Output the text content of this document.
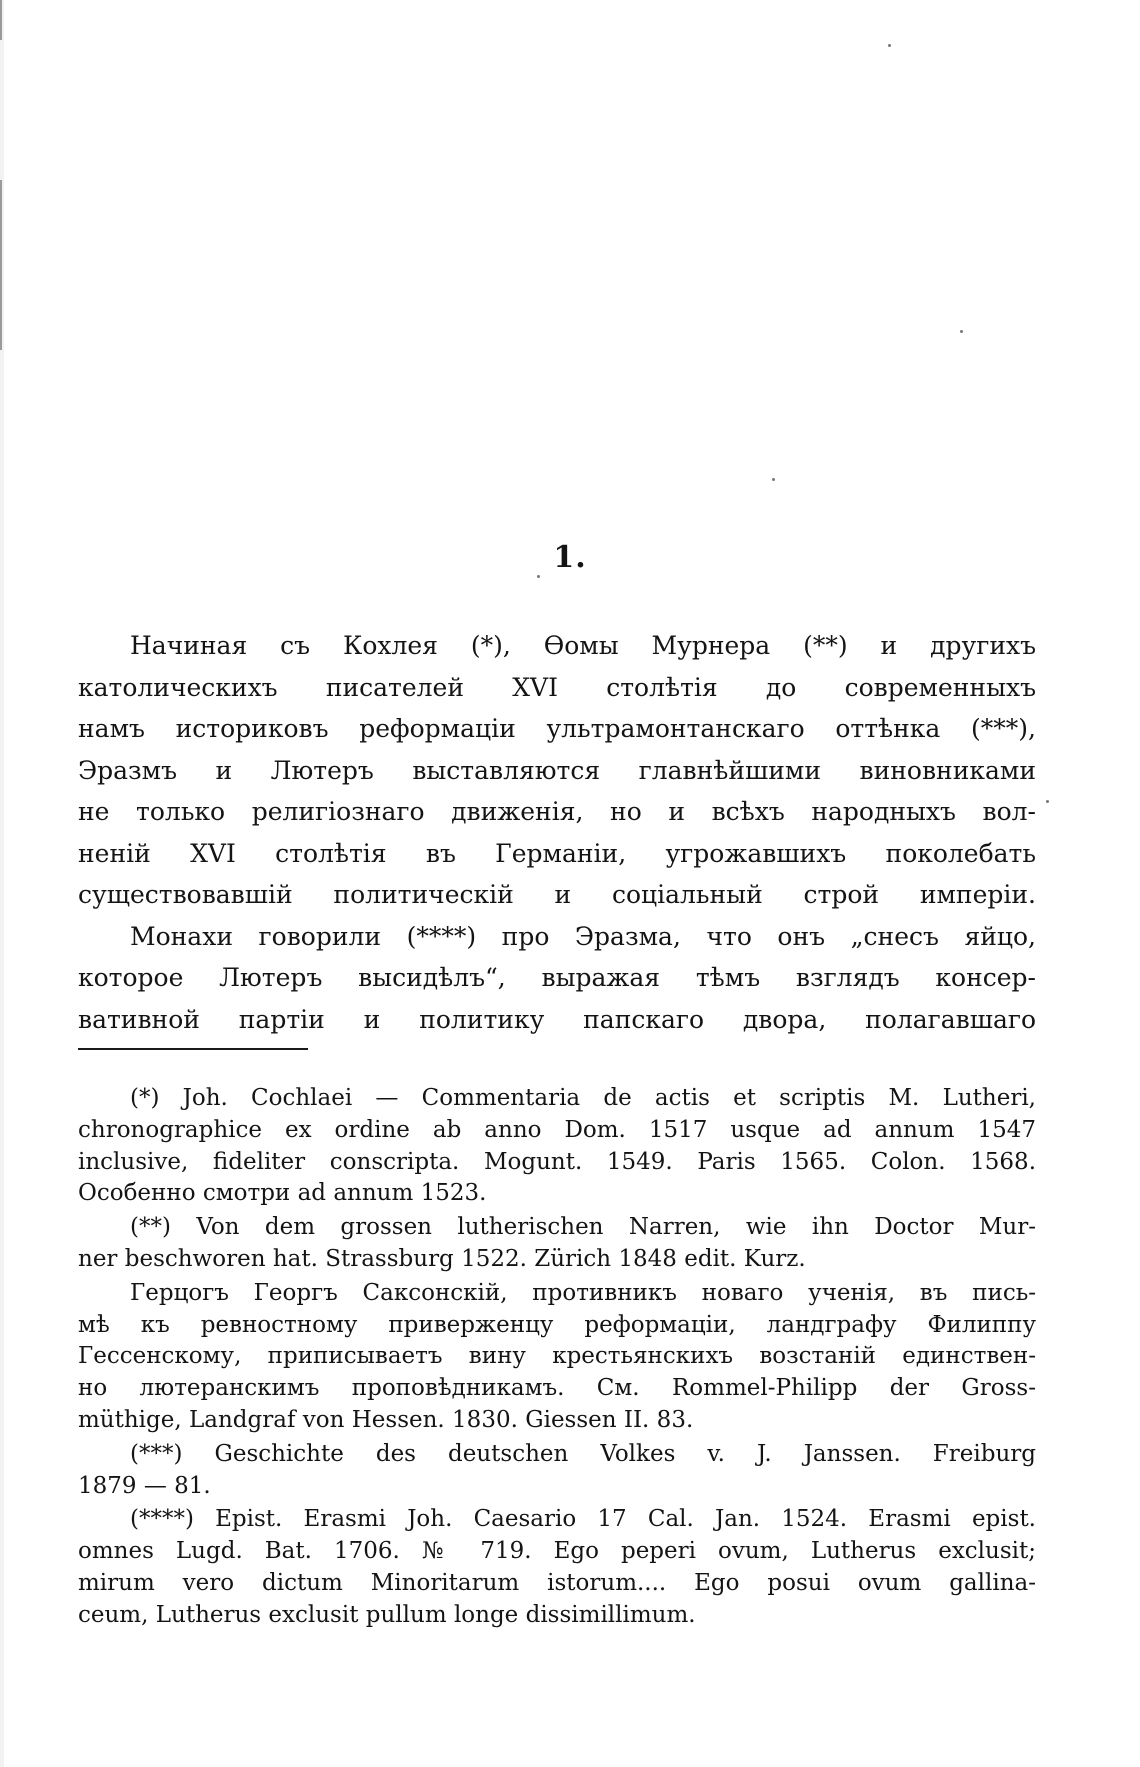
1.

Начиная съ Кохлея (*), Өомы Мурнера (**) и другихъ
католическихъ писателей XVI столѣтія до современныхъ
намъ историковъ реформаціи ультрамонтанскаго оттѣнка (***),
Эразмъ и Лютеръ выставляются главнѣйшими виновниками
не только религіознаго движенія, но и всѣхъ народныхъ вол-
неній XVI столѣтія въ Германіи, угрожавшихъ поколебать
существовавшій политическій и соціальный строй имперіи.

Монахи говорили (****) про Эразма, что онъ „снесъ яйцо,
которое Лютеръ высидѣлъ“, выражая тѣмъ взглядъ консер-
вативной партіи и политику папскаго двора, полагавшаго

(*) Joh. Cochlaei — Commentaria de actis et scriptis M. Lutheri,
chronographice ex ordine ab anno Dom. 1517 usque ad annum 1547
inclusive, fideliter conscripta. Mogunt. 1549. Paris 1565. Colon. 1568.
Особенно смотри ad annum 1523.

(**) Von dem grossen lutherischen Narren, wie ihn Doctor Mur-
ner beschworen hat. Strassburg 1522. Zürich 1848 edit. Kurz.

Герцогъ Георгъ Саксонскій, противникъ новаго ученія, въ пись-
мѣ къ ревностному приверженцу реформаціи, ландграфу Филиппу
Гессенскому, приписываетъ вину крестьянскихъ возстаній единствен-
но лютеранскимъ проповѣдникамъ. См. Rommel-Philipp der Gross-
müthige, Landgraf von Hessen. 1830. Giessen II. 83.

(***) Geschichte des deutschen Volkes v. J. Janssen. Freiburg
1879 — 81.

(****) Epist. Erasmi Joh. Caesario 17 Cal. Jan. 1524. Erasmi epist.
omnes Lugd. Bat. 1706. № 719. Ego peperi ovum, Lutherus exclusit;
mirum vero dictum Minoritarum istorum.... Ego posui ovum gallina-
ceum, Lutherus exclusit pullum longe dissimillimum.
